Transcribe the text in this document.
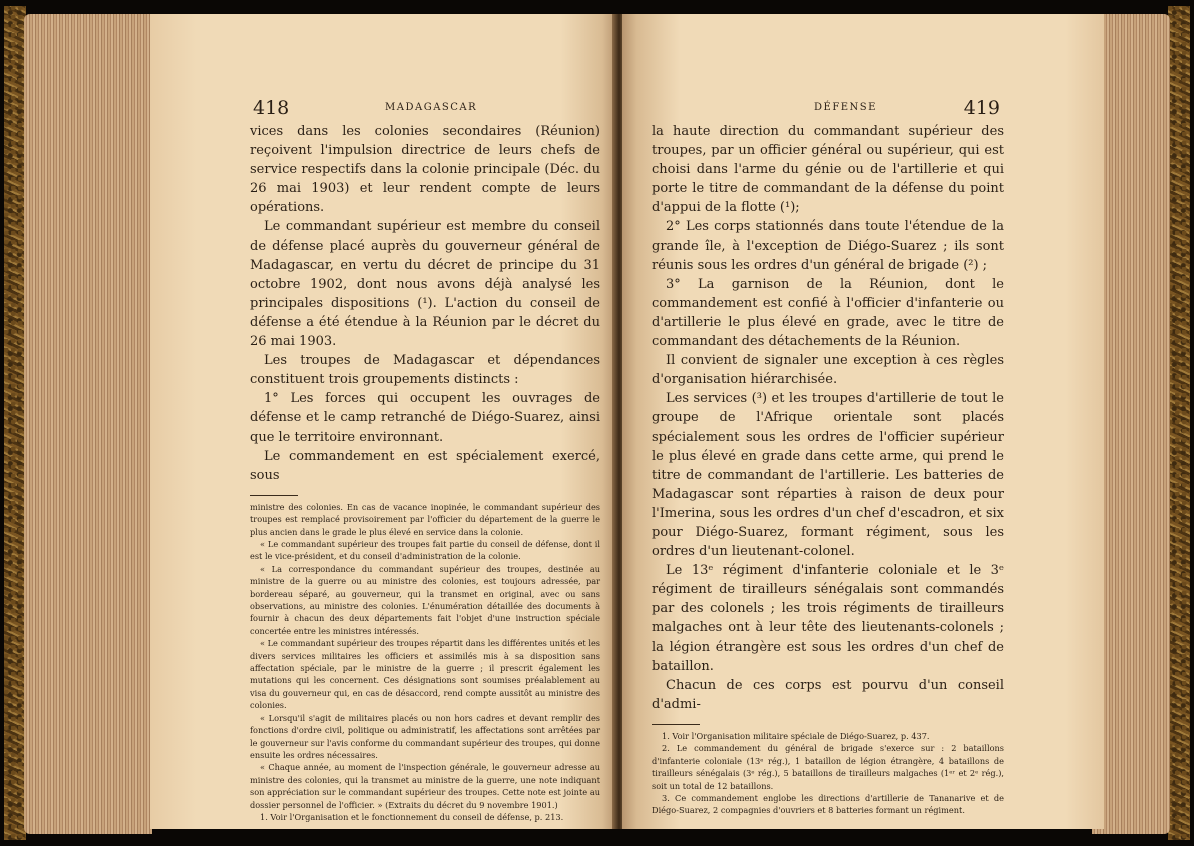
418	MADAGASCAR

vices dans les colonies secondaires (Réunion) reçoivent l'impulsion directrice de leurs chefs de service respectifs dans la colonie principale (Déc. du 26 mai 1903) et leur rendent compte de leurs opérations.

Le commandant supérieur est membre du conseil de défense placé auprès du gouverneur général de Madagascar, en vertu du décret de principe du 31 octobre 1902, dont nous avons déjà analysé les principales dispositions (¹). L'action du conseil de défense a été étendue à la Réunion par le décret du 26 mai 1903.

Les troupes de Madagascar et dépendances constituent trois groupements distincts :

1° Les forces qui occupent les ouvrages de défense et le camp retranché de Diégo-Suarez, ainsi que le territoire environnant.

Le commandement en est spécialement exercé, sous

ministre des colonies. En cas de vacance inopinée, le commandant supérieur des troupes est remplacé provisoirement par l'officier du département de la guerre le plus ancien dans le grade le plus élevé en service dans la colonie.

« Le commandant supérieur des troupes fait partie du conseil de défense, dont il est le vice-président, et du conseil d'administration de la colonie.

« La correspondance du commandant supérieur des troupes, destinée au ministre de la guerre ou au ministre des colonies, est toujours adressée, par bordereau séparé, au gouverneur, qui la transmet en original, avec ou sans observations, au ministre des colonies. L'énumération détaillée des documents à fournir à chacun des deux départements fait l'objet d'une instruction spéciale concertée entre les ministres intéressés.

« Le commandant supérieur des troupes répartit dans les différentes unités et les divers services militaires les officiers et assimilés mis à sa disposition sans affectation spéciale, par le ministre de la guerre ; il prescrit également les mutations qui les concernent. Ces désignations sont soumises préalablement au visa du gouverneur qui, en cas de désaccord, rend compte aussitôt au ministre des colonies.

« Lorsqu'il s'agit de militaires placés ou non hors cadres et devant remplir des fonctions d'ordre civil, politique ou administratif, les affectations sont arrêtées par le gouverneur sur l'avis conforme du commandant supérieur des troupes, qui donne ensuite les ordres nécessaires.

« Chaque année, au moment de l'inspection générale, le gouverneur adresse au ministre des colonies, qui la transmet au ministre de la guerre, une note indiquant son appréciation sur le commandant supérieur des troupes. Cette note est jointe au dossier personnel de l'officier. » (Extraits du décret du 9 novembre 1901.)

1. Voir l'Organisation et le fonctionnement du conseil de défense, p. 213.

DÉFENSE	419

la haute direction du commandant supérieur des troupes, par un officier général ou supérieur, qui est choisi dans l'arme du génie ou de l'artillerie et qui porte le titre de commandant de la défense du point d'appui de la flotte (¹);

2° Les corps stationnés dans toute l'étendue de la grande île, à l'exception de Diégo-Suarez ; ils sont réunis sous les ordres d'un général de brigade (²) ;

3° La garnison de la Réunion, dont le commandement est confié à l'officier d'infanterie ou d'artillerie le plus élevé en grade, avec le titre de commandant des détachements de la Réunion.

Il convient de signaler une exception à ces règles d'organisation hiérarchisée.

Les services (³) et les troupes d'artillerie de tout le groupe de l'Afrique orientale sont placés spécialement sous les ordres de l'officier supérieur le plus élevé en grade dans cette arme, qui prend le titre de commandant de l'artillerie. Les batteries de Madagascar sont réparties à raison de deux pour l'Imerina, sous les ordres d'un chef d'escadron, et six pour Diégo-Suarez, formant régiment, sous les ordres d'un lieutenant-colonel.

Le 13ᵉ régiment d'infanterie coloniale et le 3ᵉ régiment de tirailleurs sénégalais sont commandés par des colonels ; les trois régiments de tirailleurs malgaches ont à leur tête des lieutenants-colonels ; la légion étrangère est sous les ordres d'un chef de bataillon.

Chacun de ces corps est pourvu d'un conseil d'admi-

1. Voir l'Organisation militaire spéciale de Diégo-Suarez, p. 437.

2. Le commandement du général de brigade s'exerce sur : 2 bataillons d'infanterie coloniale (13ᵉ rég.), 1 bataillon de légion étrangère, 4 bataillons de tirailleurs sénégalais (3ᵉ rég.), 5 bataillons de tirailleurs malgaches (1ᵉʳ et 2ᵉ rég.), soit un total de 12 bataillons.

3. Ce commandement englobe les directions d'artillerie de Tananarive et de Diégo-Suarez, 2 compagnies d'ouvriers et 8 batteries formant un régiment.
